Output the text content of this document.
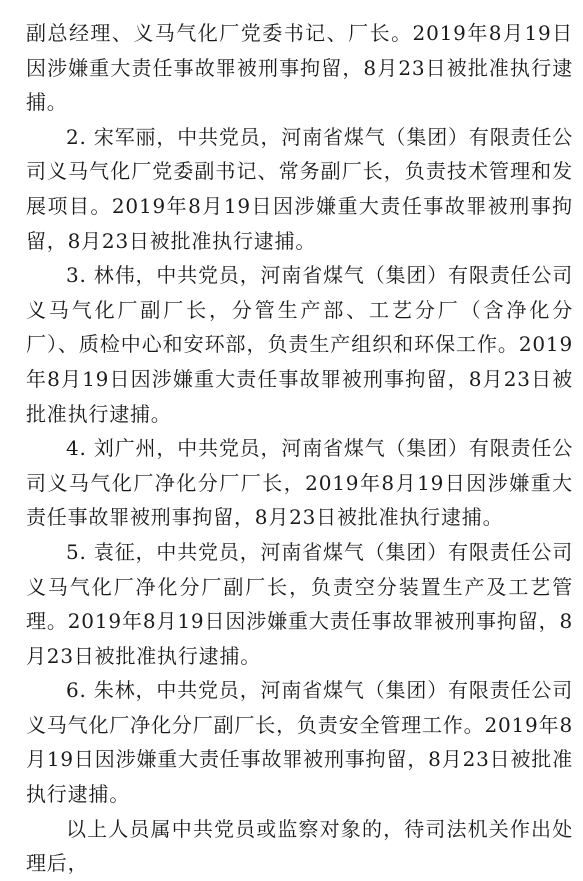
副总经理、义马气化厂党委书记、厂长。2019年8月19日因涉嫌重大责任事故罪被刑事拘留，8月23日被批准执行逮捕。

2. 宋军丽，中共党员，河南省煤气（集团）有限责任公司义马气化厂党委副书记、常务副厂长，负责技术管理和发展项目。2019年8月19日因涉嫌重大责任事故罪被刑事拘留，8月23日被批准执行逮捕。

3. 林伟，中共党员，河南省煤气（集团）有限责任公司义马气化厂副厂长，分管生产部、工艺分厂（含净化分厂）、质检中心和安环部，负责生产组织和环保工作。2019年8月19日因涉嫌重大责任事故罪被刑事拘留，8月23日被批准执行逮捕。

4. 刘广州，中共党员，河南省煤气（集团）有限责任公司义马气化厂净化分厂厂长，2019年8月19日因涉嫌重大责任事故罪被刑事拘留，8月23日被批准执行逮捕。

5. 袁征，中共党员，河南省煤气（集团）有限责任公司义马气化厂净化分厂副厂长，负责空分装置生产及工艺管理。2019年8月19日因涉嫌重大责任事故罪被刑事拘留，8月23日被批准执行逮捕。

6. 朱林，中共党员，河南省煤气（集团）有限责任公司义马气化厂净化分厂副厂长，负责安全管理工作。2019年8月19日因涉嫌重大责任事故罪被刑事拘留，8月23日被批准执行逮捕。

以上人员属中共党员或监察对象的，待司法机关作出处理后，
